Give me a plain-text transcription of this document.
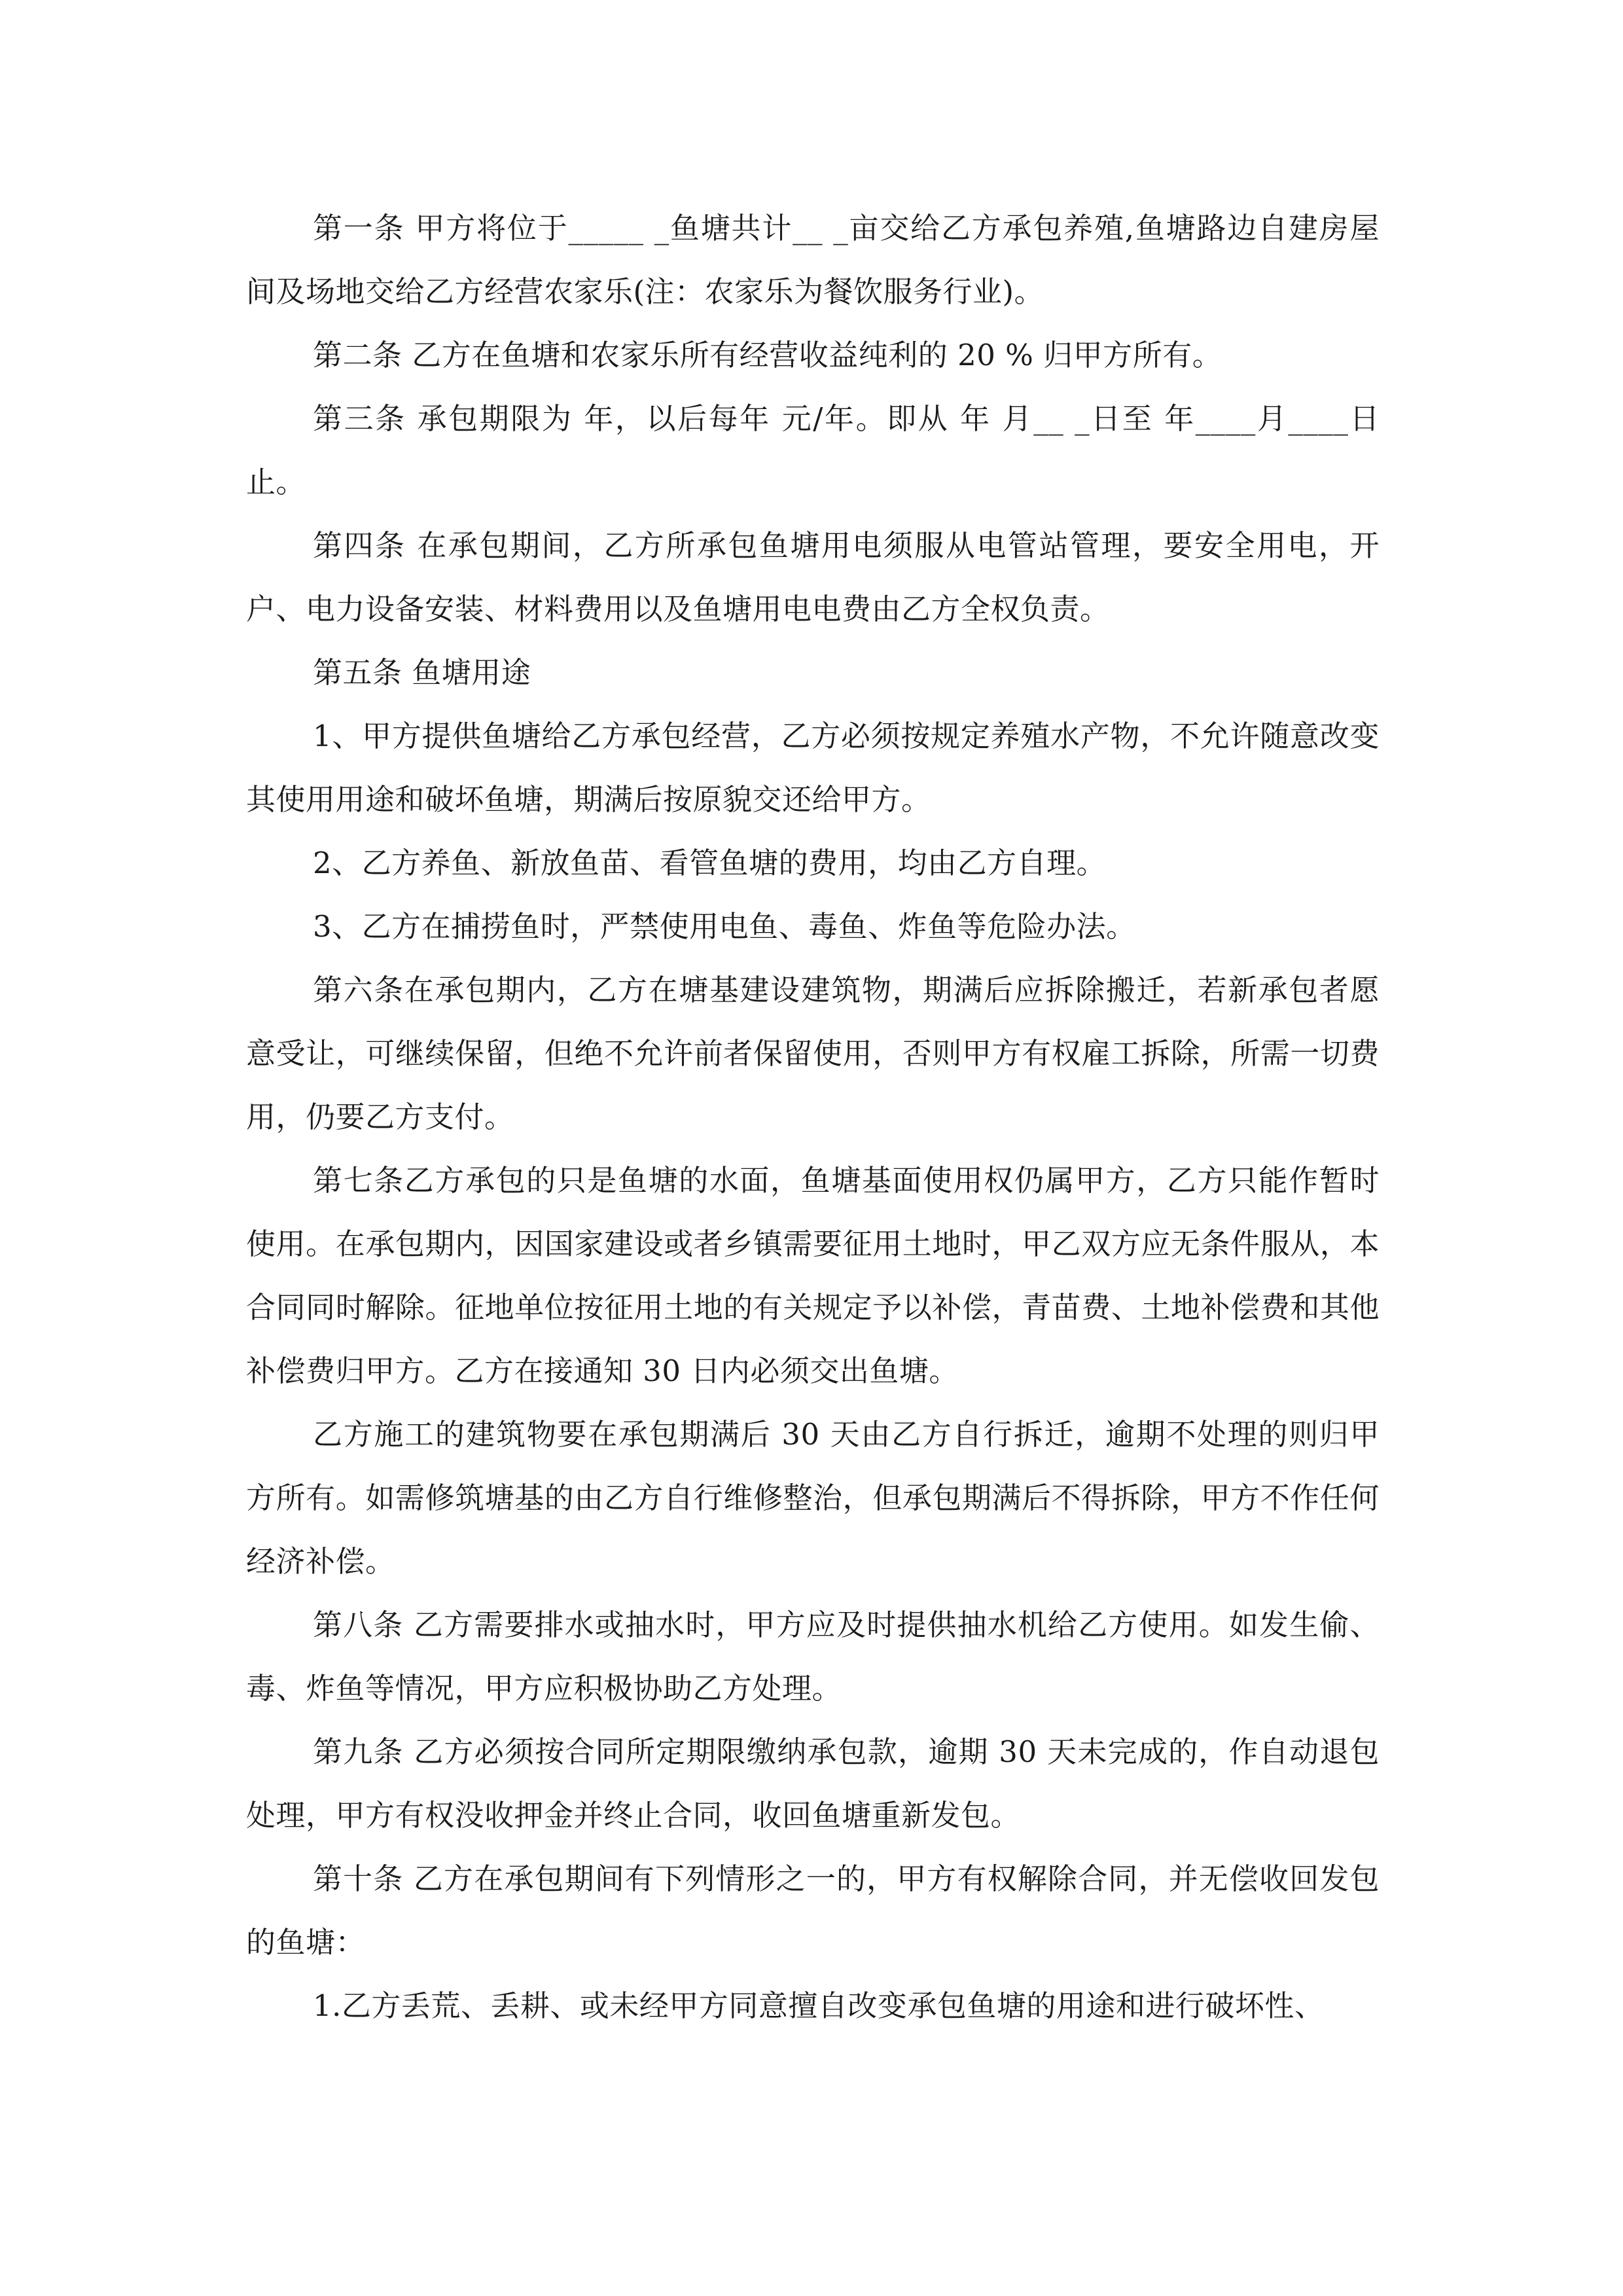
第一条 甲方将位于_____ _鱼塘共计__ _亩交给乙方承包养殖,鱼塘路边自建房屋 间及场地交给乙方经营农家乐(注：农家乐为餐饮服务行业)。

第二条 乙方在鱼塘和农家乐所有经营收益纯利的 20 % 归甲方所有。

第三条 承包期限为 年，以后每年 元/年。即从 年 月__ _日至 年____月____日止。

第四条 在承包期间，乙方所承包鱼塘用电须服从电管站管理，要安全用电，开户、电力设备安装、材料费用以及鱼塘用电电费由乙方全权负责。

第五条 鱼塘用途

1、甲方提供鱼塘给乙方承包经营，乙方必须按规定养殖水产物，不允许随意改变其使用用途和破坏鱼塘，期满后按原貌交还给甲方。

2、乙方养鱼、新放鱼苗、看管鱼塘的费用，均由乙方自理。

3、乙方在捕捞鱼时，严禁使用电鱼、毒鱼、炸鱼等危险办法。

第六条在承包期内，乙方在塘基建设建筑物，期满后应拆除搬迁，若新承包者愿意受让，可继续保留，但绝不允许前者保留使用，否则甲方有权雇工拆除，所需一切费用，仍要乙方支付。

第七条乙方承包的只是鱼塘的水面，鱼塘基面使用权仍属甲方，乙方只能作暂时使用。在承包期内，因国家建设或者乡镇需要征用土地时，甲乙双方应无条件服从，本合同同时解除。征地单位按征用土地的有关规定予以补偿，青苗费、土地补偿费和其他补偿费归甲方。乙方在接通知 30 日内必须交出鱼塘。

乙方施工的建筑物要在承包期满后 30 天由乙方自行拆迁，逾期不处理的则归甲方所有。如需修筑塘基的由乙方自行维修整治，但承包期满后不得拆除，甲方不作任何经济补偿。

第八条 乙方需要排水或抽水时，甲方应及时提供抽水机给乙方使用。如发生偷、毒、炸鱼等情况，甲方应积极协助乙方处理。

第九条 乙方必须按合同所定期限缴纳承包款，逾期 30 天未完成的，作自动退包处理，甲方有权没收押金并终止合同，收回鱼塘重新发包。

第十条 乙方在承包期间有下列情形之一的，甲方有权解除合同，并无偿收回发包的鱼塘：

1.乙方丢荒、丢耕、或未经甲方同意擅自改变承包鱼塘的用途和进行破坏性、
